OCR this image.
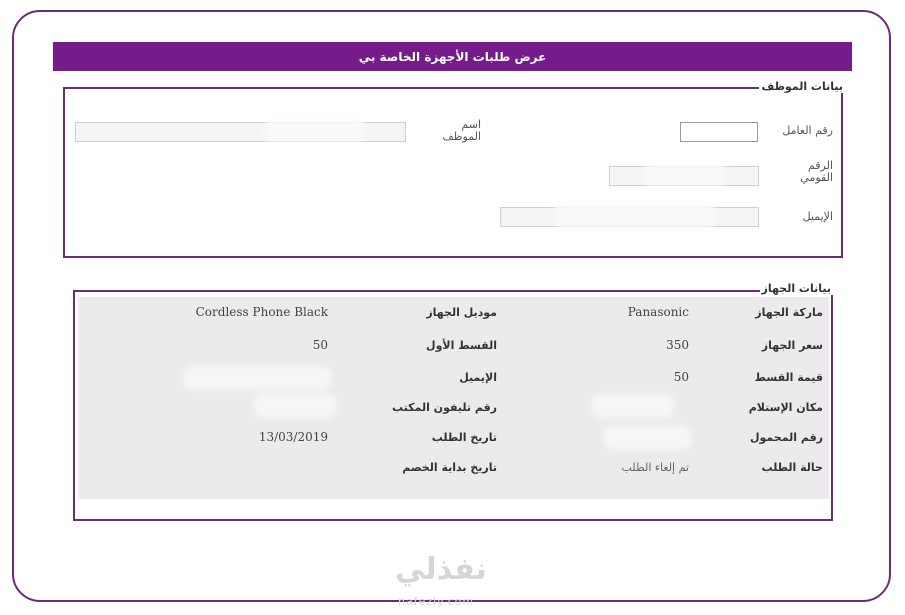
عرض طلبات الأجهزة الخاصة بي
بيانات الموظف
رقم العامل
اسم
الموظف
الرقم
القومي
الإيميل
بيانات الجهاز
ماركة الجهاز
Panasonic
سعر الجهاز
350
قيمة القسط
50
مكان الإستلام
رقم المحمول
حالة الطلب
تم إلغاء الطلب
موديل الجهاز
Cordless Phone Black
القسط الأول
50
الإيميل
رقم تليفون المكتب
تاريخ الطلب
13/03/2019
تاريخ بداية الخصم
نفذلي
nafezly.com
